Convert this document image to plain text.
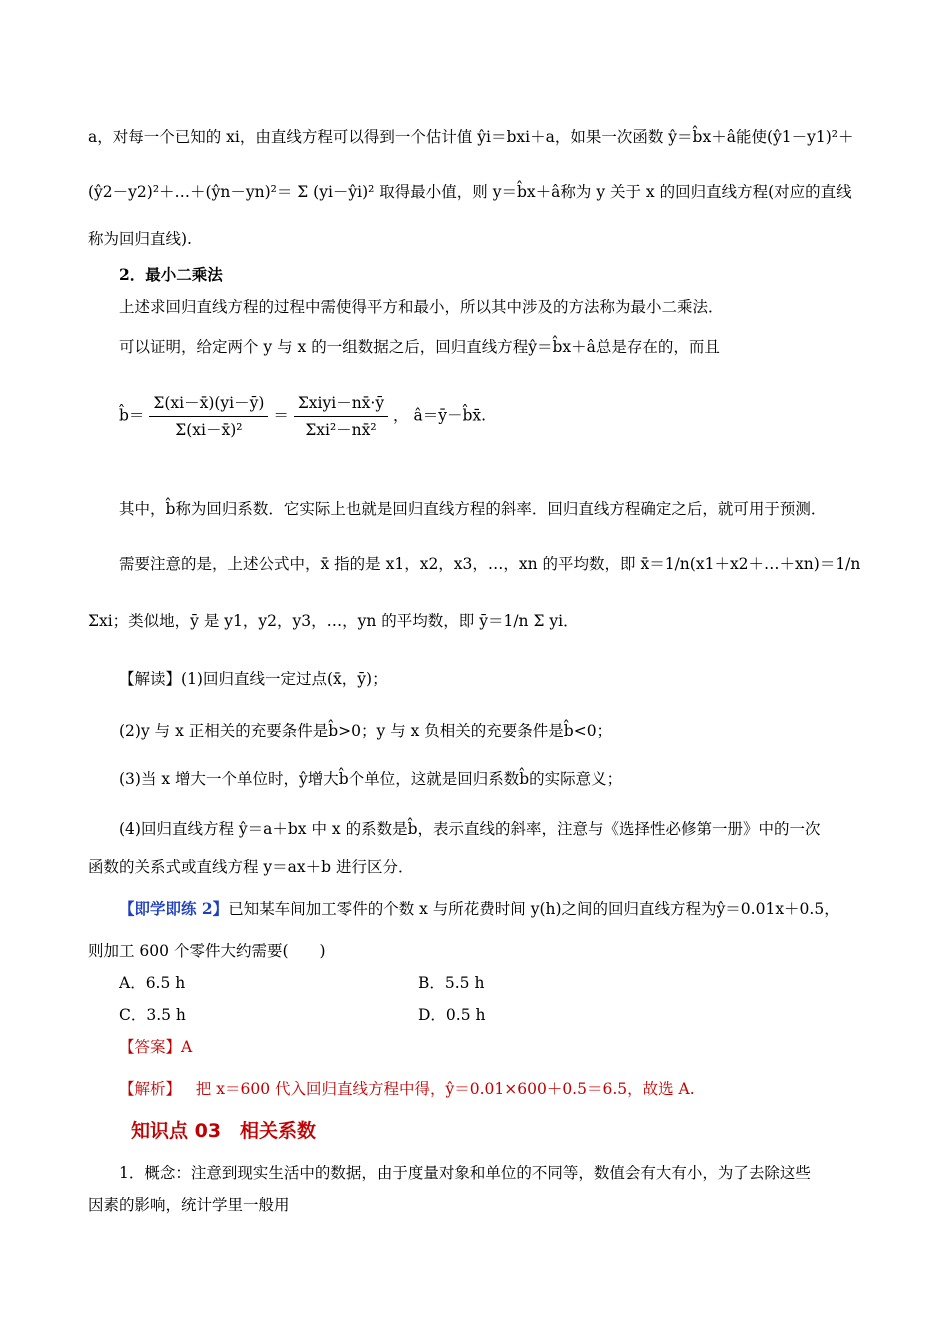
a，对每一个已知的 xi，由直线方程可以得到一个估计值 ŷi＝bxi＋a，如果一次函数 ŷ＝b̂x＋â能使(ŷ1－y1)²＋
(ŷ2－y2)²＋…＋(ŷn－yn)²＝ Σ (yi－ŷi)² 取得最小值，则 y＝b̂x＋â称为 y 关于 x 的回归直线方程(对应的直线
称为回归直线).
2．最小二乘法
上述求回归直线方程的过程中需使得平方和最小，所以其中涉及的方法称为最小二乘法．
可以证明，给定两个 y 与 x 的一组数据之后，回归直线方程ŷ＝b̂x＋â总是存在的，而且
b̂＝ $\frac{\Sigma(xi-x̄)(yi-ȳ)}{\text{Σ(xi－x̄)²}} = \frac{\text{Σxiyi－nx̄·ȳ}}{\text{Σxi²－nx̄²}}$ ， â＝ȳ－b̂x̄.
其中，b̂称为回归系数．它实际上也就是回归直线方程的斜率．回归直线方程确定之后，就可用于预测．
需要注意的是，上述公式中，x̄ 指的是 x1，x2，x3，…，xn 的平均数，即 x̄＝1/n(x1＋x2＋…＋xn)＝1/n
Σxi；类似地，ȳ 是 y1，y2，y3，…，yn 的平均数，即 ȳ＝1/n Σ yi．
【解读】(1)回归直线一定过点(x̄，ȳ)；
(2)y 与 x 正相关的充要条件是b̂>0；y 与 x 负相关的充要条件是b̂<0；
(3)当 x 增大一个单位时，ŷ增大b̂个单位，这就是回归系数b̂的实际意义；
(4)回归直线方程 ŷ＝a＋bx 中 x 的系数是b̂，表示直线的斜率，注意与《选择性必修第一册》中的一次
函数的关系式或直线方程 y＝ax＋b 进行区分．
【即学即练 2】已知某车间加工零件的个数 x 与所花费时间 y(h)之间的回归直线方程为ŷ＝0.01x＋0.5，
则加工 600 个零件大约需要(　　)
A．6.5 h	B．5.5 h
C．3.5 h	D．0.5 h
【答案】A
【解析】 把 x＝600 代入回归直线方程中得，ŷ＝0.01×600＋0.5＝6.5，故选 A.
知识点 03　相关系数
1．概念：注意到现实生活中的数据，由于度量对象和单位的不同等，数值会有大有小，为了去除这些
因素的影响，统计学里一般用
